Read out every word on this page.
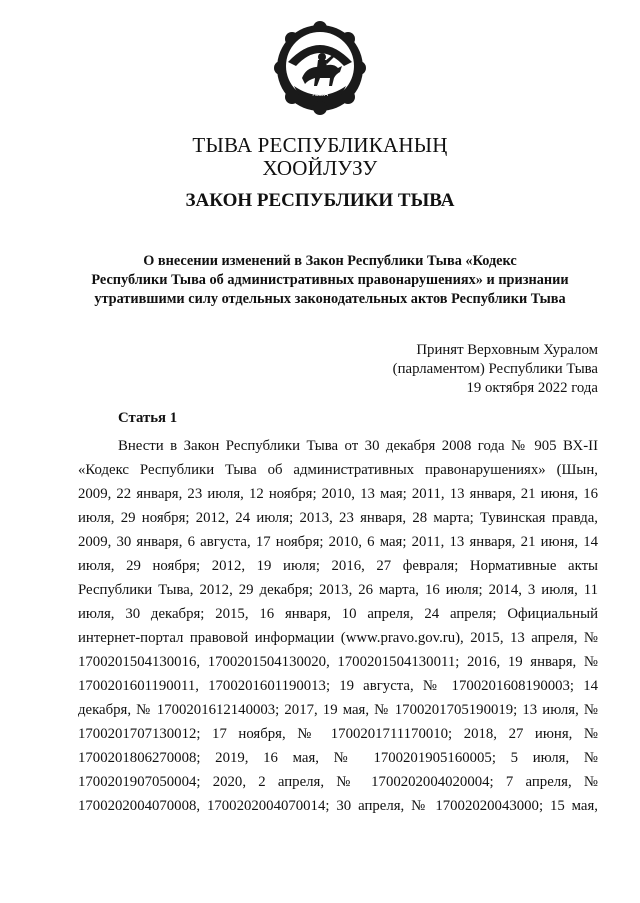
ТЫВА
ТЫВА РЕСПУБЛИКАНЫҢ
ХООЙЛУЗУ
ЗАКОН РЕСПУБЛИКИ ТЫВА
О внесении изменений в Закон Республики Тыва «Кодекс
Республики Тыва об административных правонарушениях» и признании
утратившими силу отдельных законодательных актов Республики Тыва
Принят Верховным Хуралом
(парламентом) Республики Тыва
19 октября 2022 года
Статья 1
Внести в Закон Республики Тыва от 30 декабря 2008 года № 905 ВХ-II
«Кодекс Республики Тыва об административных правонарушениях» (Шын,
2009, 22 января, 23 июля, 12 ноября; 2010, 13 мая; 2011, 13 января, 21 июня, 16
июля, 29 ноября; 2012, 24 июля; 2013, 23 января, 28 марта; Тувинская правда,
2009, 30 января, 6 августа, 17 ноября; 2010, 6 мая; 2011, 13 января, 21 июня, 14
июля, 29 ноября; 2012, 19 июля; 2016, 27 февраля; Нормативные акты
Республики Тыва, 2012, 29 декабря; 2013, 26 марта, 16 июля; 2014, 3 июля, 11
июля, 30 декабря; 2015, 16 января, 10 апреля, 24 апреля; Официальный
интернет-портал правовой информации (www.pravo.gov.ru), 2015, 13 апреля, №
1700201504130016, 1700201504130020, 1700201504130011; 2016, 19 января, №
1700201601190011, 1700201601190013; 19 августа, № 1700201608190003; 14
декабря, № 1700201612140003; 2017, 19 мая, № 1700201705190019; 13 июля, №
1700201707130012; 17 ноября, № 1700201711170010; 2018, 27 июня, №
1700201806270008; 2019, 16 мая, № 1700201905160005; 5 июля, №
1700201907050004; 2020, 2 апреля, № 1700202004020004; 7 апреля, №
1700202004070008, 1700202004070014; 30 апреля, № 17002020043000; 15 мая,
